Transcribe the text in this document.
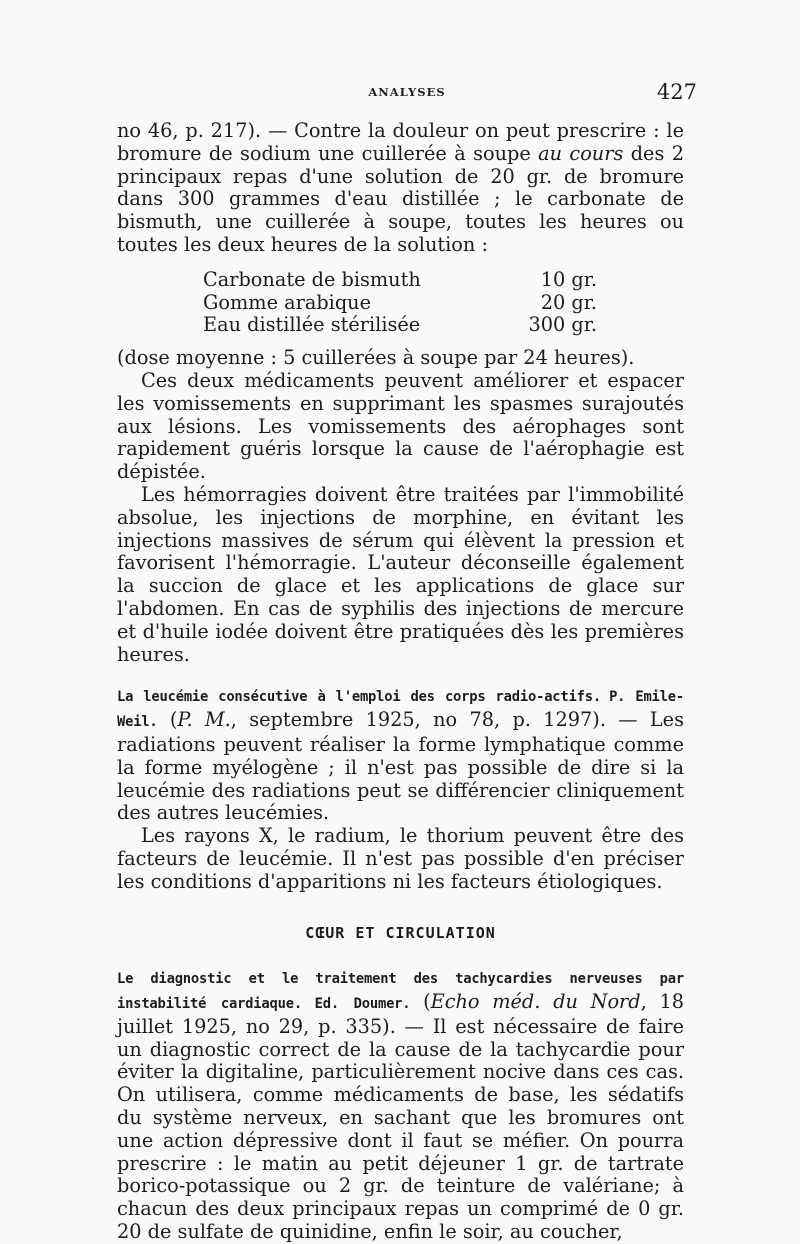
ANALYSES	427

no 46, p. 217). — Contre la douleur on peut prescrire : le bromure de sodium une cuillerée à soupe au cours des 2 principaux repas d'une solution de 20 gr. de bromure dans 300 grammes d'eau distillée ; le carbonate de bismuth, une cuillerée à soupe, toutes les heures ou toutes les deux heures de la solution :

Carbonate de bismuth	10 gr.
Gomme arabique	20 gr.
Eau distillée stérilisée	300 gr.

(dose moyenne : 5 cuillerées à soupe par 24 heures).

Ces deux médicaments peuvent améliorer et espacer les vomissements en supprimant les spasmes surajoutés aux lésions. Les vomissements des aérophages sont rapidement guéris lorsque la cause de l'aérophagie est dépistée.

Les hémorragies doivent être traitées par l'immobilité absolue, les injections de morphine, en évitant les injections massives de sérum qui élèvent la pression et favorisent l'hémorragie. L'auteur déconseille également la succion de glace et les applications de glace sur l'abdomen. En cas de syphilis des injections de mercure et d'huile iodée doivent être pratiquées dès les premières heures.

La leucémie consécutive à l'emploi des corps radio-actifs. P. Emile-Weil. (P. M., septembre 1925, no 78, p. 1297). — Les radiations peuvent réaliser la forme lymphatique comme la forme myélogène ; il n'est pas possible de dire si la leucémie des radiations peut se différencier cliniquement des autres leucémies.

Les rayons X, le radium, le thorium peuvent être des facteurs de leucémie. Il n'est pas possible d'en préciser les conditions d'apparitions ni les facteurs étiologiques.

CŒUR ET CIRCULATION

Le diagnostic et le traitement des tachycardies nerveuses par instabilité cardiaque. Ed. Doumer. (Echo méd. du Nord, 18 juillet 1925, no 29, p. 335). — Il est nécessaire de faire un diagnostic correct de la cause de la tachycardie pour éviter la digitaline, particulièrement nocive dans ces cas. On utilisera, comme médicaments de base, les sédatifs du système nerveux, en sachant que les bromures ont une action dépressive dont il faut se méfier. On pourra prescrire : le matin au petit déjeuner 1 gr. de tartrate borico-potassique ou 2 gr. de teinture de valériane; à chacun des deux principaux repas un comprimé de 0 gr. 20 de sulfate de quinidine, enfin le soir, au coucher,
